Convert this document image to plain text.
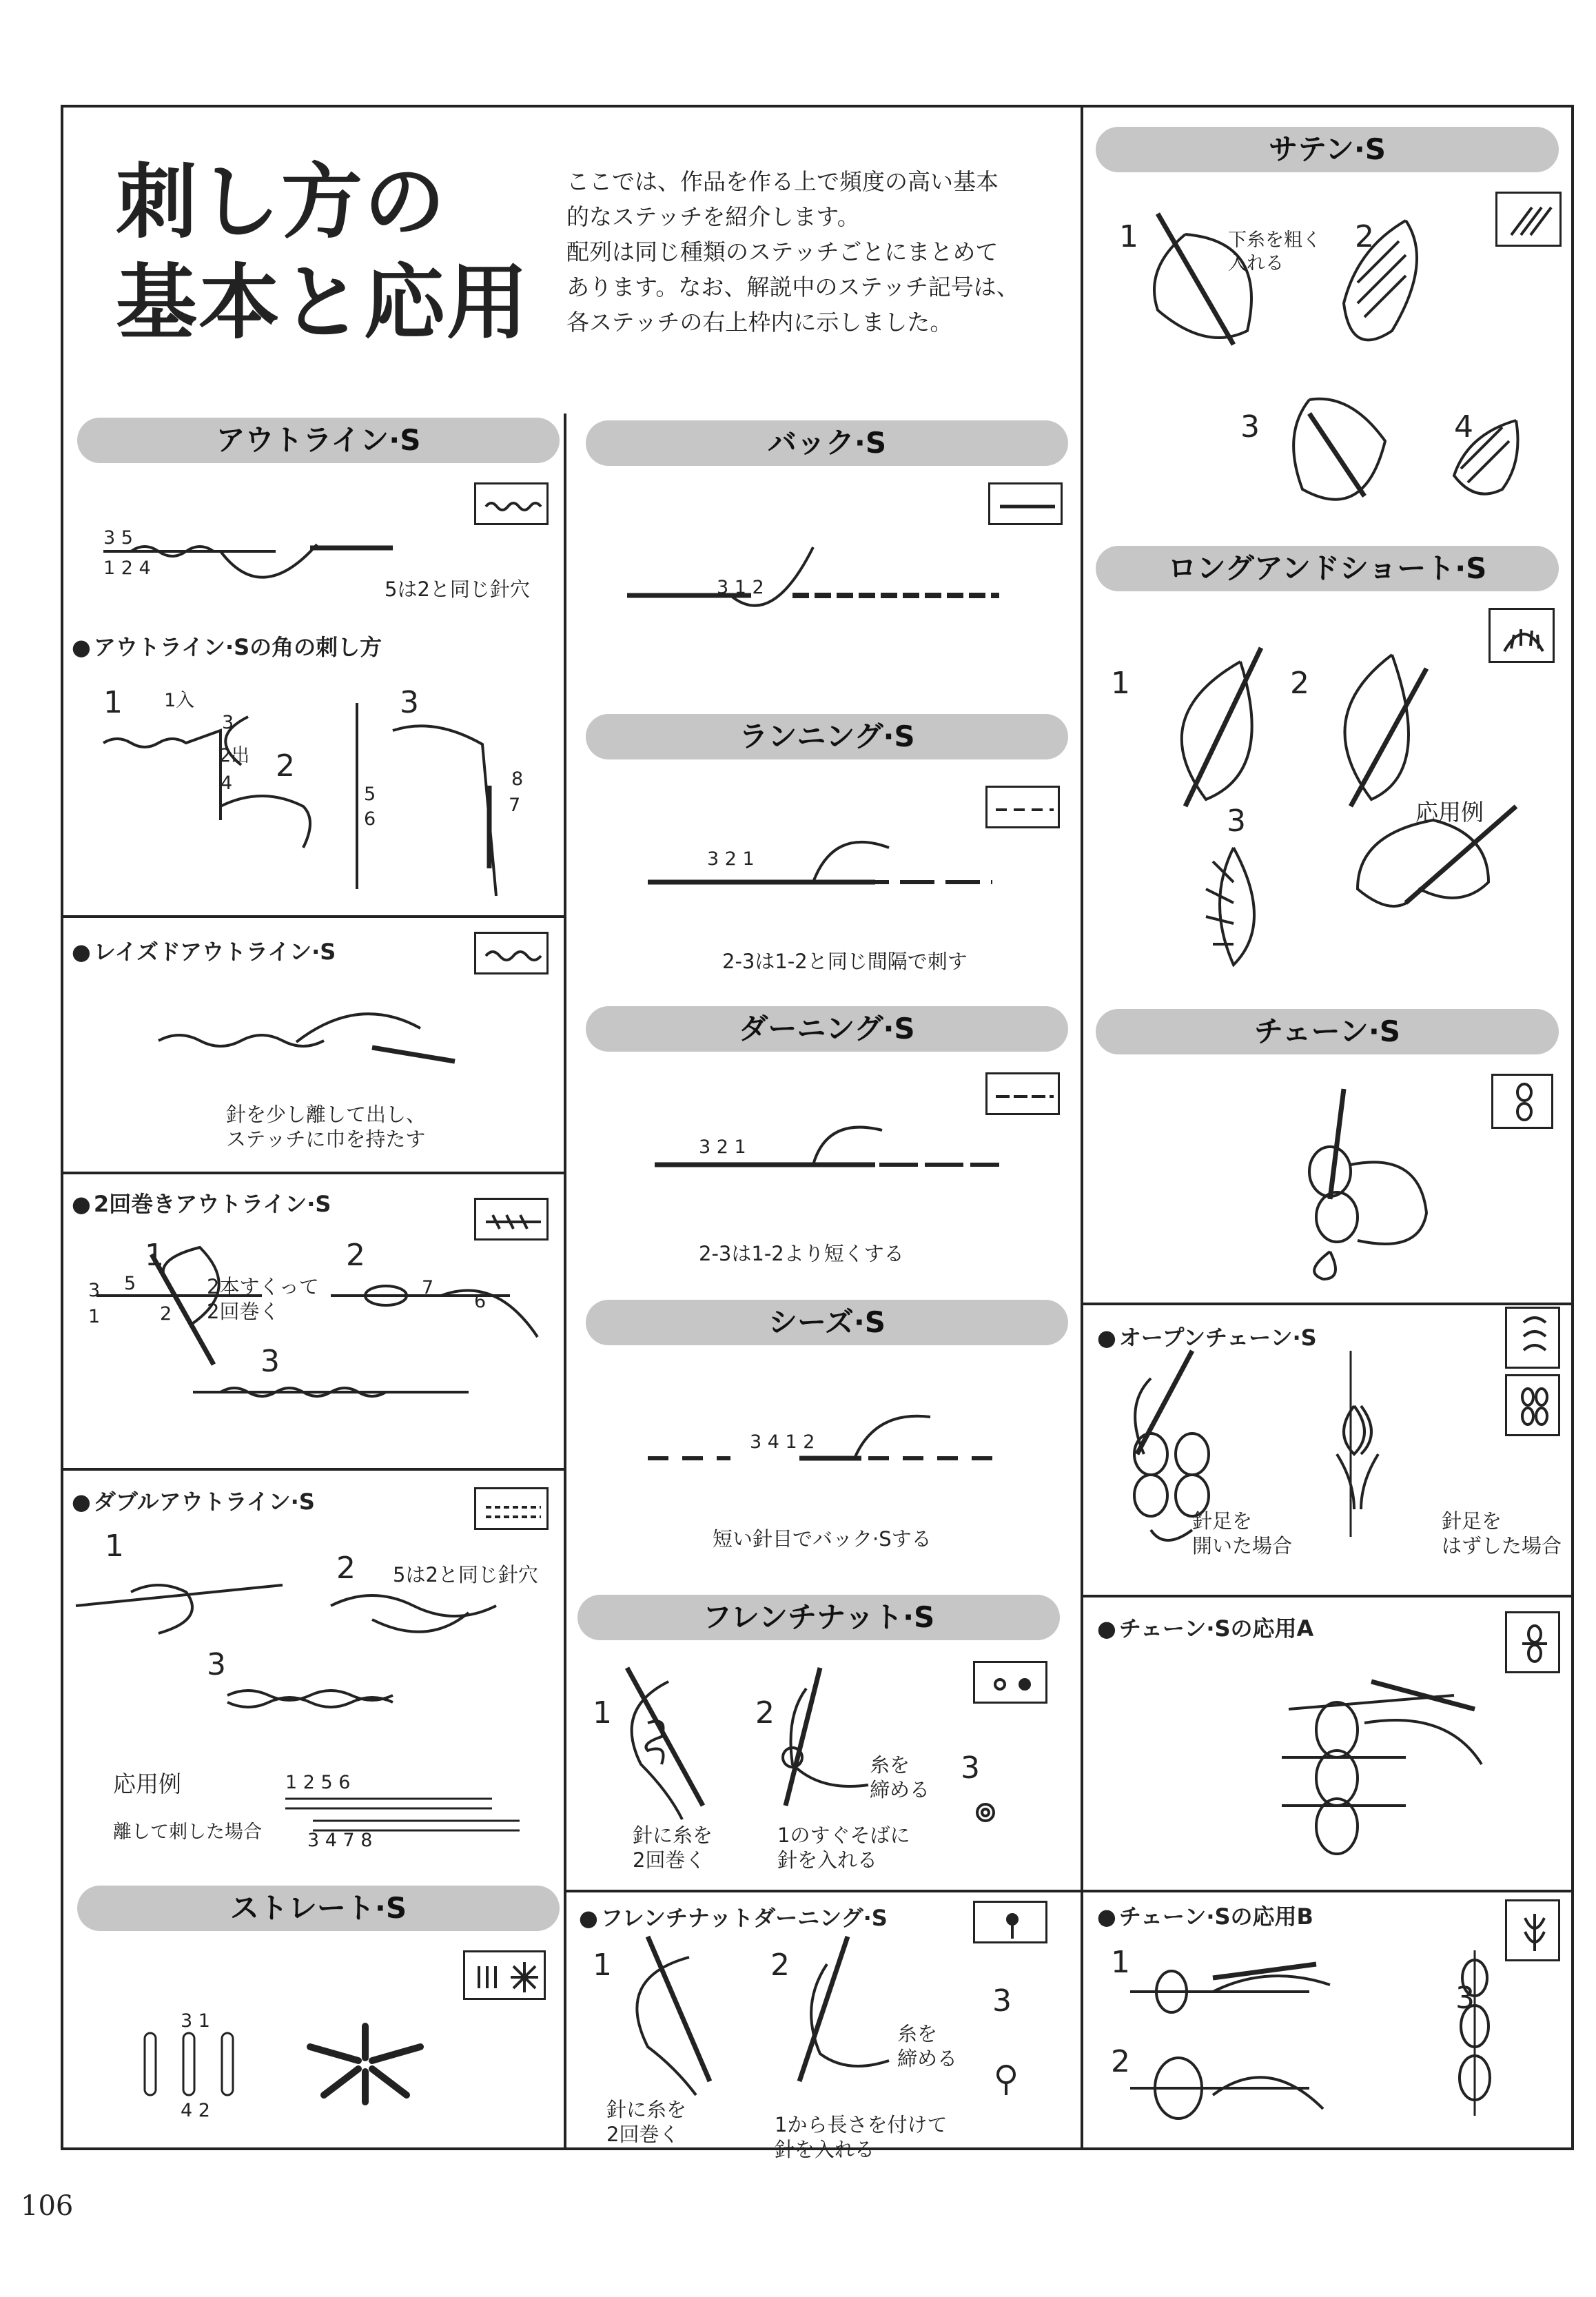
刺し方の
基本と応用
ここでは、作品を作る上で頻度の高い基本
的なステッチを紹介します。
配列は同じ種類のステッチごとにまとめて
あります。なお、解説中のステッチ記号は、
各ステッチの右上枠内に示しました。
アウトライン·S
3 5
1 2 4
5は2と同じ針穴
● アウトライン·Sの角の刺し方
1
2
3
1入
3
2出
4
5
6
7
8
● レイズドアウトライン·S
針を少し離して出し、
ステッチに巾を持たす
● 2回巻きアウトライン·S
1	2
3
2本すくって
2回巻く
3
1
5
2
7
6
● ダブルアウトライン·S
1
2
3
5は2と同じ針穴
応用例
離して刺した場合
1 2 5 6
3 4 7 8
ストレート·S
3 1
4 2
バック·S
3 1 2
ランニング·S
3 2 1
2-3は1-2と同じ間隔で刺す
ダーニング·S
3 2 1
2-3は1-2より短くする
シーズ·S
3 4 1 2
短い針目でバック·Sする
フレンチナット·S
1	2
3
針に糸を
2回巻く
糸を
締める
1のすぐそばに
針を入れる
● フレンチナットダーニング·S
1	2
3
針に糸を
2回巻く
糸を
締める
1から長さを付けて
針を入れる
サテン·S
1	2
3	4
下糸を粗く
入れる
ロングアンドショート·S
1	2
3	応用例
チェーン·S
● オープンチェーン·S
針足を
開いた場合
針足を
はずした場合
● チェーン·Sの応用A
● チェーン·Sの応用B
1
2
3
106
